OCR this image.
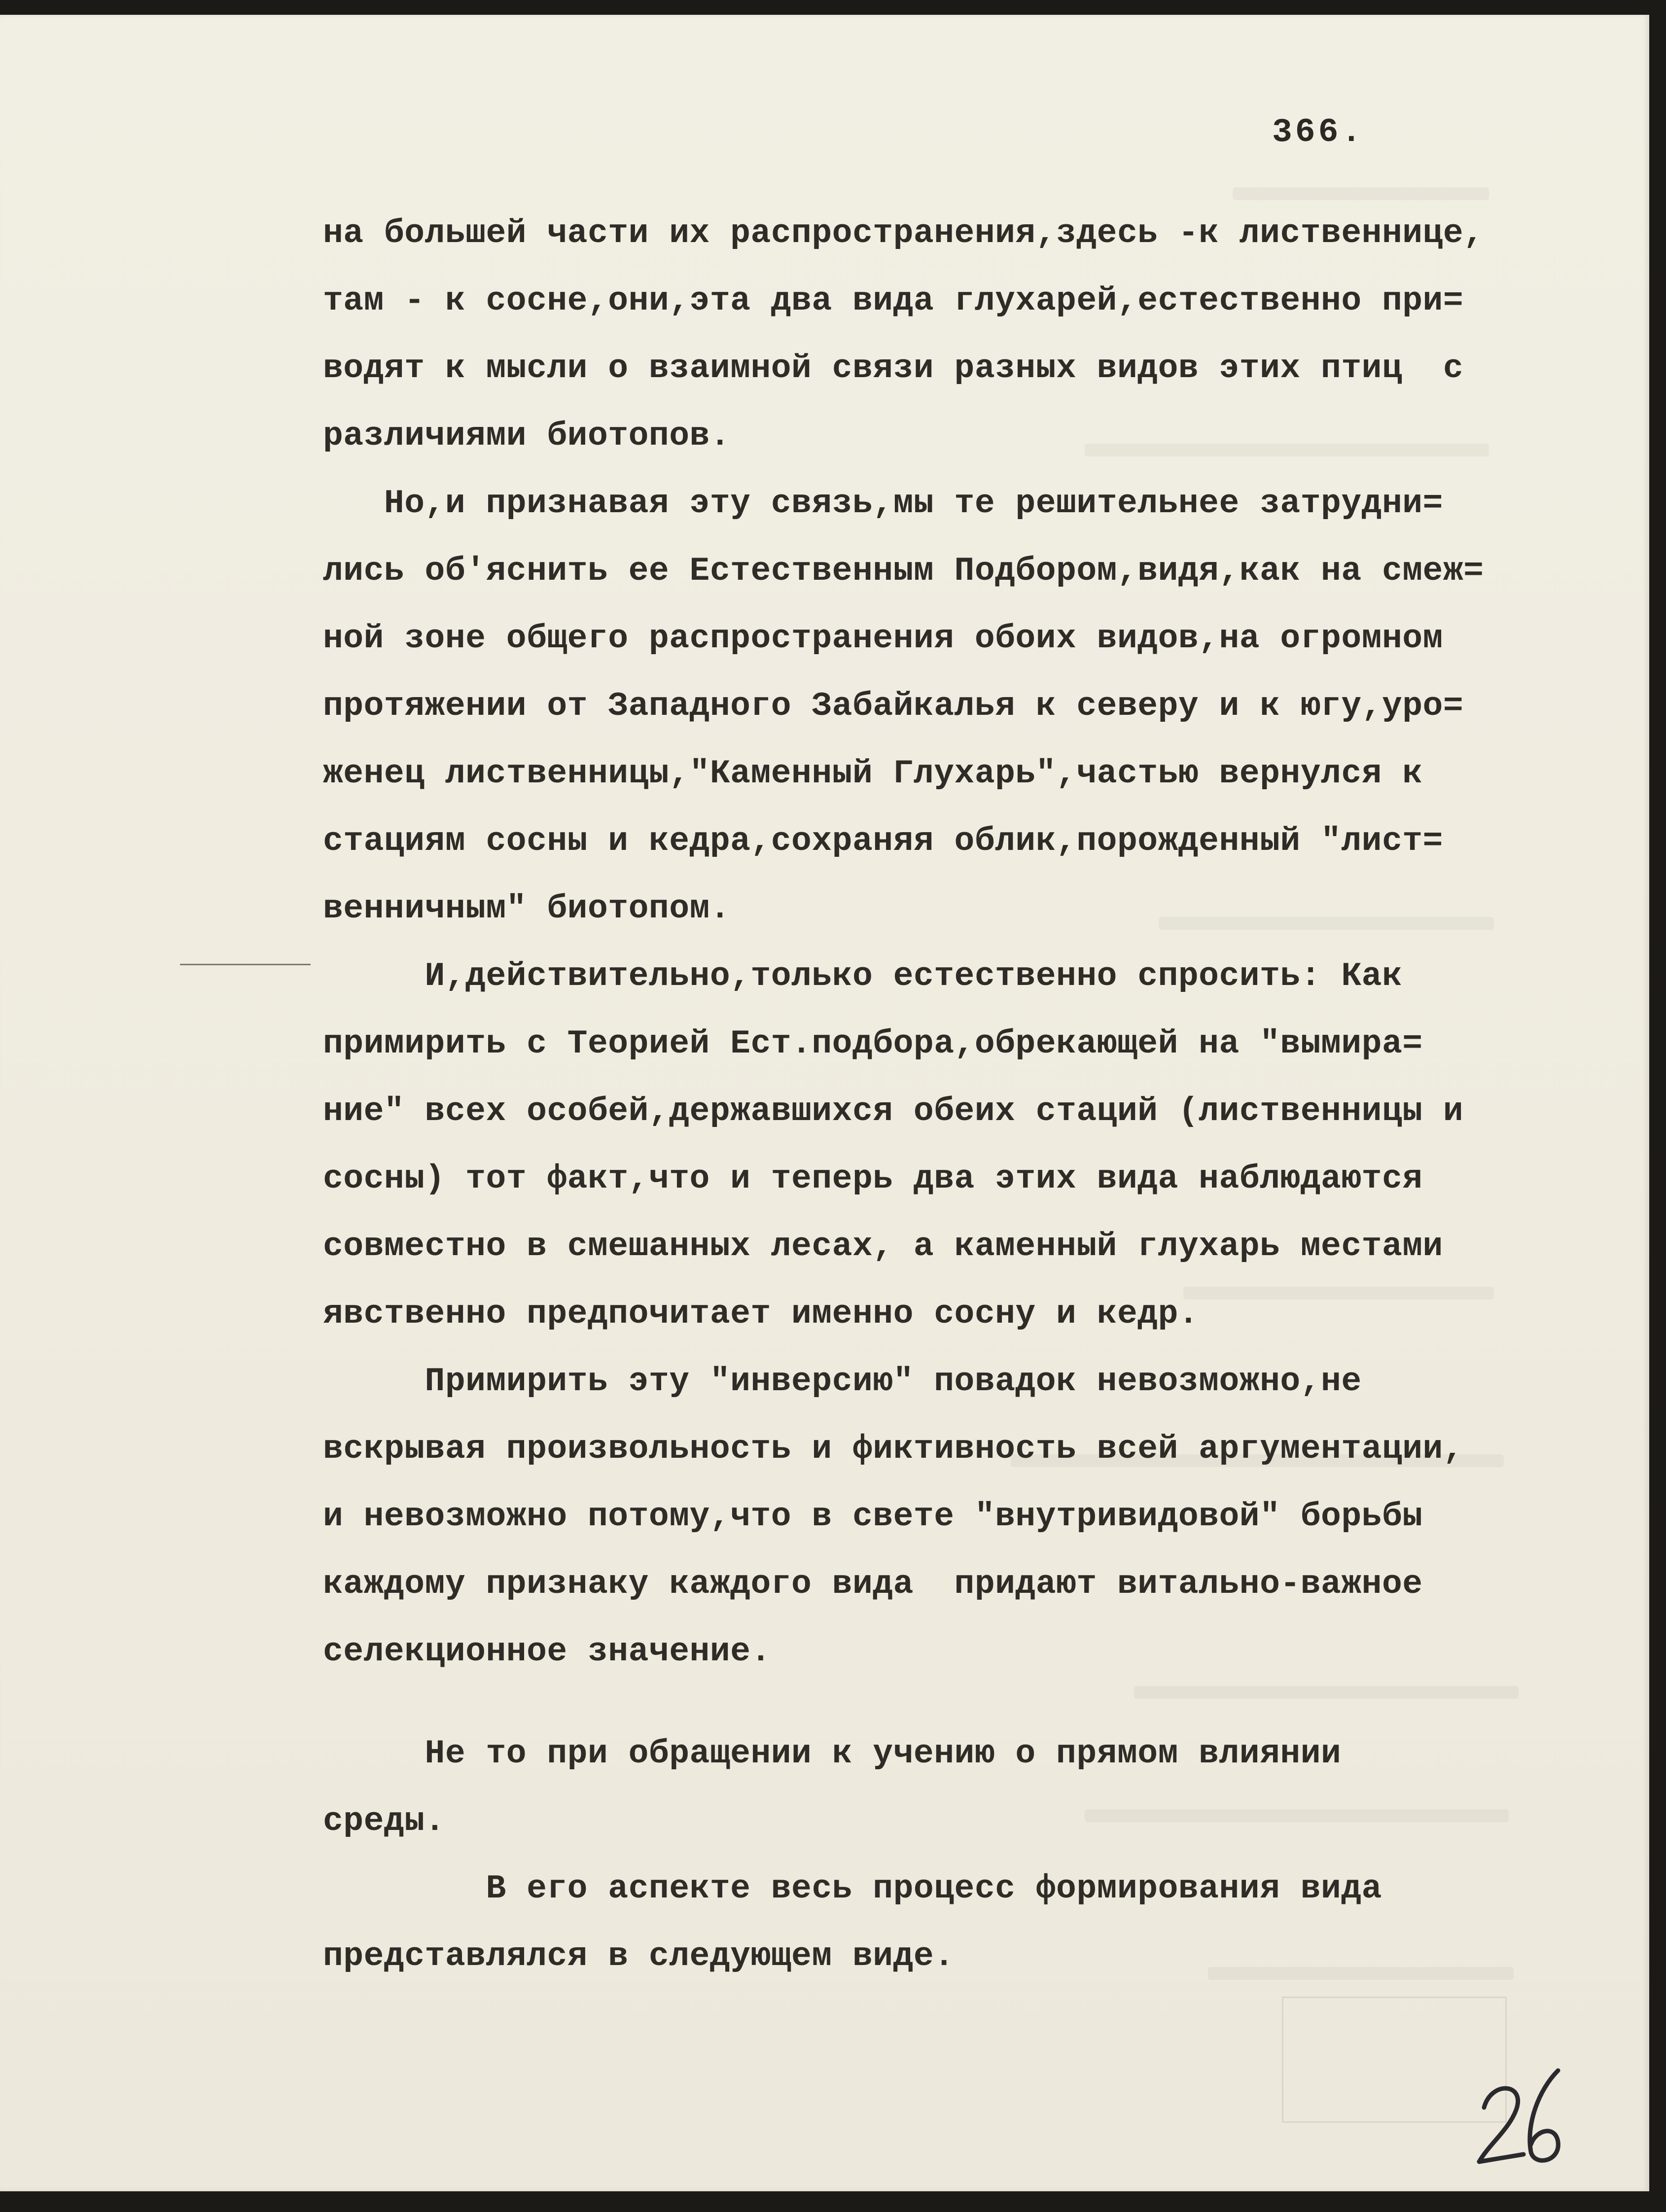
366.
на большей части их распространения,здесь -к лиственнице,
там - к сосне,они,эта два вида глухарей,естественно при=
водят к мысли о взаимной связи разных видов этих птиц  с
различиями биотопов.
Но,и признавая эту связь,мы те решительнее затрудни=
лись об'яснить ее Естественным Подбором,видя,как на смеж=
ной зоне общего распространения обоих видов,на огромном
протяжении от Западного Забайкалья к северу и к югу,уро=
женец лиственницы,"Каменный Глухарь",частью вернулся к
стациям сосны и кедра,сохраняя облик,порожденный "лист=
венничным" биотопом.
И,действительно,только естественно спросить: Как
примирить с Теорией Ест.подбора,обрекающей на "вымира=
ние" всех особей,державшихся обеих стаций (лиственницы и
сосны) тот факт,что и теперь два этих вида наблюдаются
совместно в смешанных лесах, а каменный глухарь местами
явственно предпочитает именно сосну и кедр.
Примирить эту "инверсию" повадок невозможно,не
вскрывая произвольность и фиктивность всей аргументации,
и невозможно потому,что в свете "внутривидовой" борьбы
каждому признаку каждого вида  придают витально-важное
селекционное значение.
Не то при обращении к учению о прямом влиянии
среды.
В его аспекте весь процесс формирования вида
представлялся в следующем виде.
